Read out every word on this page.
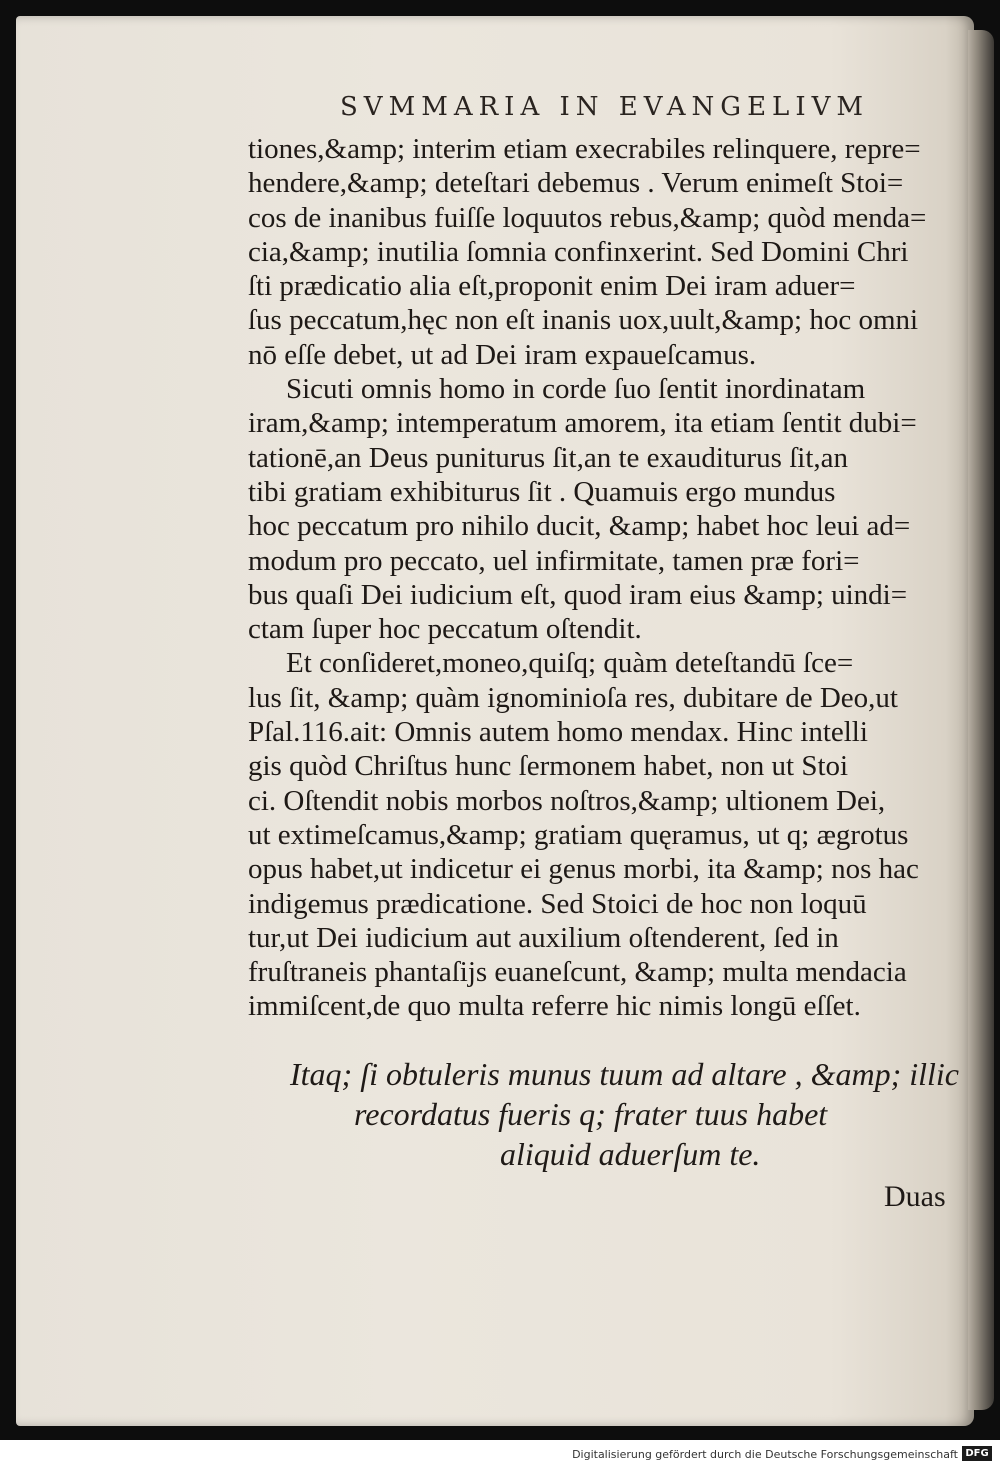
SVMMARIA IN EVANGELIVM
tiones,&amp; interim etiam execrabiles relinquere, repre=
hendere,&amp; deteſtari debemus . Verum enimeſt Stoi=
cos de inanibus fuiſſe loquutos rebus,&amp; quòd menda=
cia,&amp; inutilia ſomnia confinxerint. Sed Domini Chri
ſti prædicatio alia eſt,proponit enim Dei iram aduer=
ſus peccatum,hęc non eſt inanis uox,uult,&amp; hoc omni
nō eſſe debet, ut ad Dei iram expaueſcamus.
Sicuti omnis homo in corde ſuo ſentit inordinatam
iram,&amp; intemperatum amorem, ita etiam ſentit dubi=
tationē,an Deus puniturus ſit,an te exauditurus ſit,an
tibi gratiam exhibiturus ſit . Quamuis ergo mundus
hoc peccatum pro nihilo ducit, &amp; habet hoc leui ad=
modum pro peccato, uel infirmitate, tamen præ fori=
bus quaſi Dei iudicium eſt, quod iram eius &amp; uindi=
ctam ſuper hoc peccatum oſtendit.
Et conſideret,moneo,quiſq; quàm deteſtandū ſce=
lus ſit, &amp; quàm ignominioſa res, dubitare de Deo,ut
Pſal.116.ait: Omnis autem homo mendax. Hinc intelli
gis quòd Chriſtus hunc ſermonem habet, non ut Stoi
ci. Oſtendit nobis morbos noſtros,&amp; ultionem Dei,
ut extimeſcamus,&amp; gratiam quęramus, ut q; ægrotus
opus habet,ut indicetur ei genus morbi, ita &amp; nos hac
indigemus prædicatione. Sed Stoici de hoc non loquū
tur,ut Dei iudicium aut auxilium oſtenderent, ſed in
fruſtraneis phantaſijs euaneſcunt, &amp; multa mendacia
immiſcent,de quo multa referre hic nimis longū eſſet.
Itaq; ſi obtuleris munus tuum ad altare , &amp; illic
recordatus fueris q; frater tuus habet
aliquid aduerſum te.
Duas
Digitalisierung gefördert durch die Deutsche Forschungsgemeinschaft DFG
